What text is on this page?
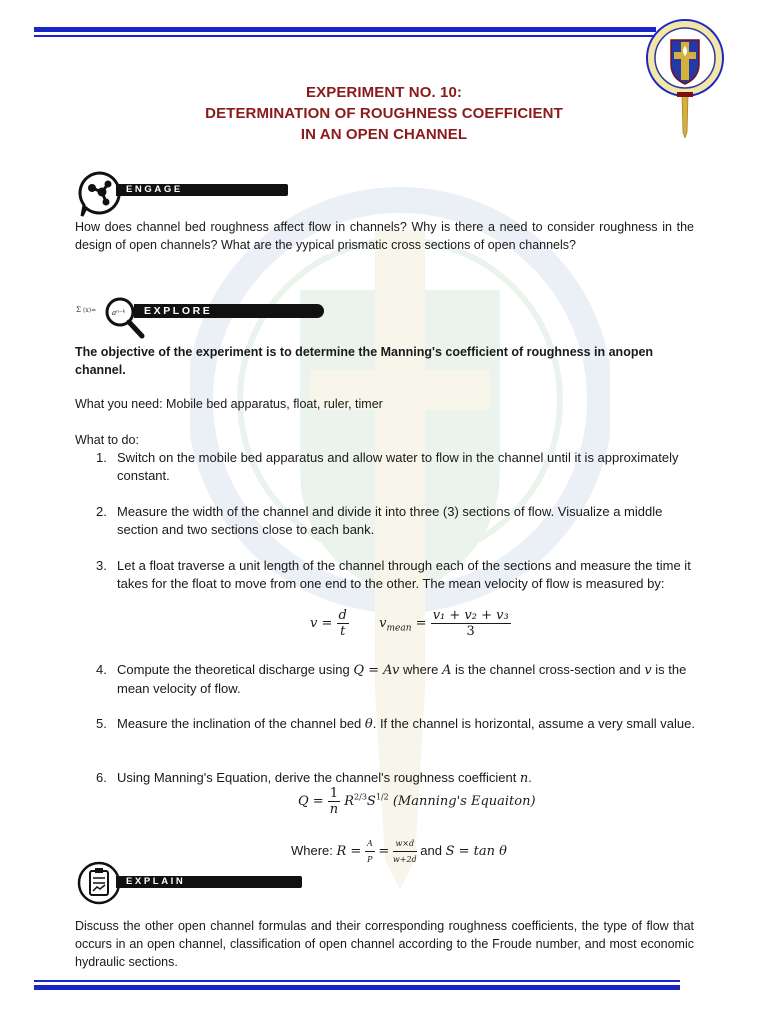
EXPERIMENT NO. 10:
DETERMINATION OF ROUGHNESS COEFFICIENT
IN AN OPEN CHANNEL
ENGAGE
How does channel bed roughness affect flow in channels? Why is there a need to consider roughness in the design of open channels? What are the yypical prismatic cross sections of open channels?
Σ (x)= aⁿ⁻ᵏ	EXPLORE
The objective of the experiment is to determine the Manning's coefficient of roughness in anopen channel.
What you need: Mobile bed apparatus, float, ruler, timer
What to do:
1. Switch on the mobile bed apparatus and allow water to flow in the channel until it is approximately constant.
2. Measure the width of the channel and divide it into three (3) sections of flow. Visualize a middle section and two sections close to each bank.
3. Let a float traverse a unit length of the channel through each of the sections and measure the time it takes for the float to move from one end to the other. The mean velocity of flow is measured by:
4. Compute the theoretical discharge using Q = Av where A is the channel cross-section and v is the mean velocity of flow.
5. Measure the inclination of the channel bed θ. If the channel is horizontal, assume a very small value.
6. Using Manning's Equation, derive the channel's roughness coefficient n.
$v = \frac{d}{t} v_{mean} = \frac{\text{v₁ + v₂ + v₃}}{3}$
$Q = \frac{1}{n} R^{2/3}S^{1/2}$ (Manning's Equaiton)
Where: $R = \frac{A}{P} = \frac{w\times d}{w+2d}$ and S = tan θ
EXPLAIN
Discuss the other open channel formulas and their corresponding roughness coefficients, the type of flow that occurs in an open channel, classification of open channel according to the Froude number, and most economic hydraulic sections.
